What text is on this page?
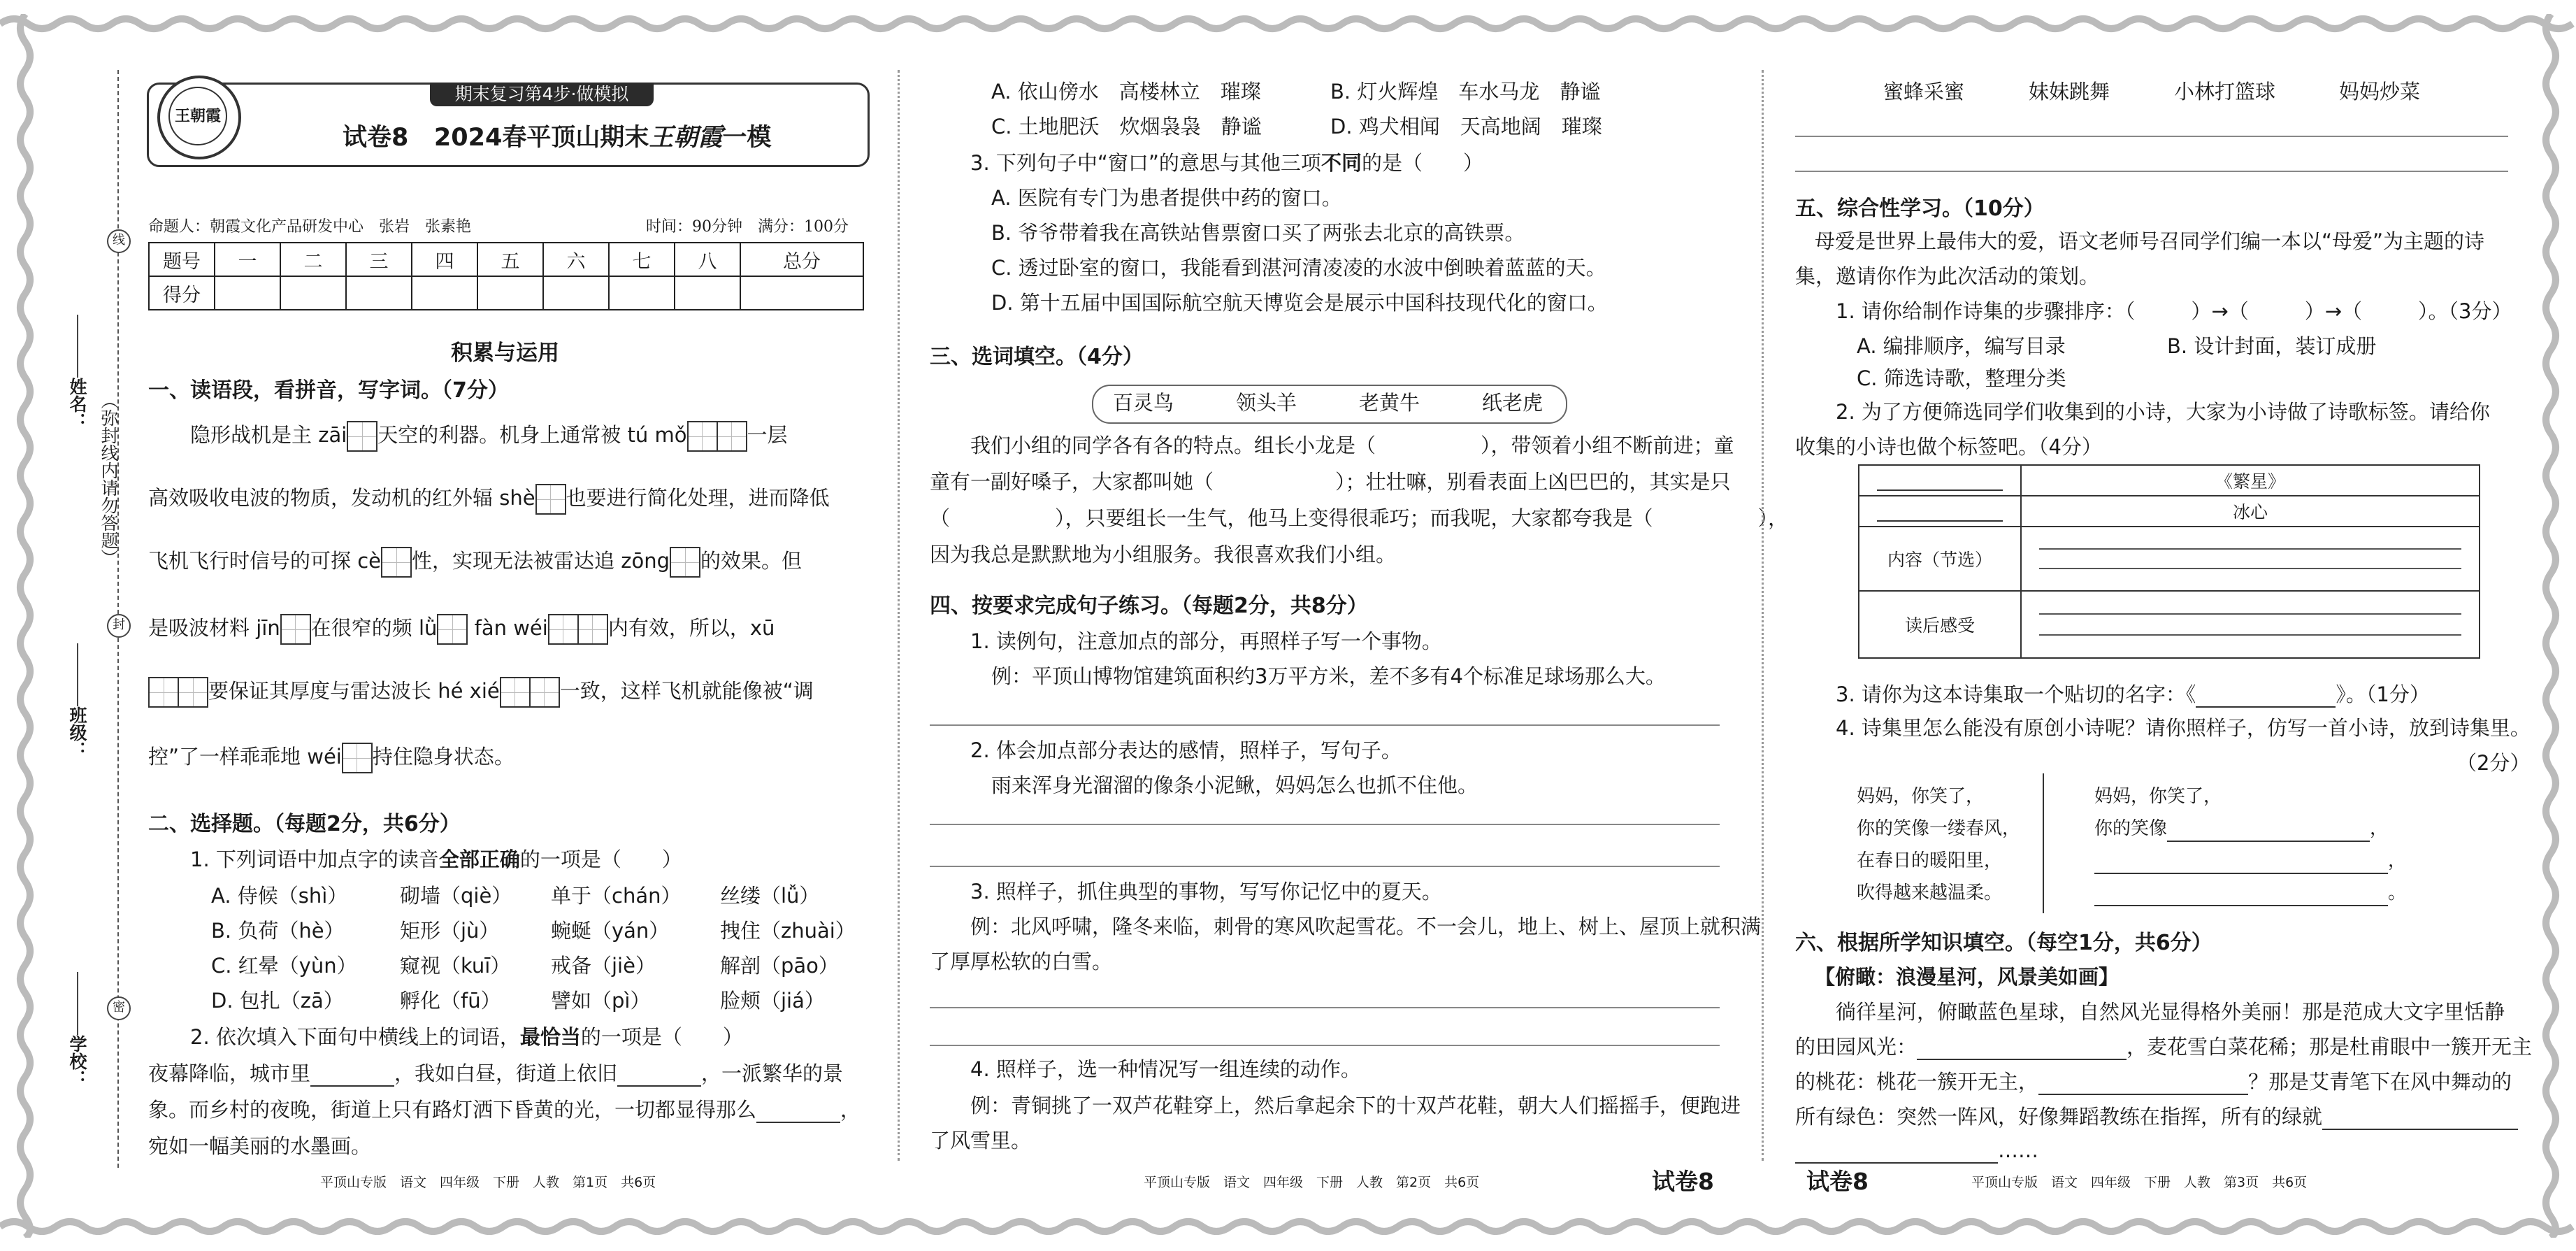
线
封
密
姓名：
班级：
学校：
（弥封线内请勿答题）
期末复习第4步·做模拟
王朝霞
试卷8 2024春平顶山期末王朝霞一模
命题人：朝霞文化产品研发中心　张岩　张素艳	时间：90分钟　满分：100分
题号	一	二	三	四	五	六	七	八	总分
得分									
积累与运用
一、读语段，看拼音，写字词。（7分）
隐形战机是主 zāi 天空的利器。机身上通常被 tú mǒ	一层
高效吸收电波的物质，发动机的红外辐 shè 也要进行简化处理，进而降低
飞机飞行时信号的可探 cè 性，实现无法被雷达追 zōng 的效果。但
是吸波材料 jīn 在很窄的频 lǜ fàn wéi	内有效，所以，xū
要保证其厚度与雷达波长 hé xié	一致，这样飞机就能像被“调
控”了一样乖乖地 wéi 持住隐身状态。
二、选择题。（每题2分，共6分）
1. 下列词语中加点字的读音全部正确的一项是（　　）
A. 侍候（shì）	砌墙（qiè） 单于（chán） 丝缕（lǚ）
B. 负荷（hè）	矩形（jù）	蜿蜒（yán）	拽住（zhuài）
C. 红晕（yùn） 窥视（kuī） 戒备（jiè）	解剖（pāo）
D. 包扎（zā）	孵化（fū） 譬如（pì）	脸颊（jiá）
2. 依次填入下面句中横线上的词语，最恰当的一项是（　　）
夜幕降临，城市里	，我如白昼，街道上依旧	，一派繁华的景
象。而乡村的夜晚，街道上只有路灯洒下昏黄的光，一切都显得那么	，
宛如一幅美丽的水墨画。
平顶山专版　语文　四年级　下册　人教　第1页　共6页
A. 依山傍水　高楼林立　璀璨	B. 灯火辉煌　车水马龙　静谧
C. 土地肥沃　炊烟袅袅　静谧	D. 鸡犬相闻　天高地阔　璀璨
3. 下列句子中“窗口”的意思与其他三项不同的是（　　）
A. 医院有专门为患者提供中药的窗口。
B. 爷爷带着我在高铁站售票窗口买了两张去北京的高铁票。
C. 透过卧室的窗口，我能看到湛河清凌凌的水波中倒映着蓝蓝的天。
D. 第十五届中国国际航空航天博览会是展示中国科技现代化的窗口。
三、选词填空。（4分）
百灵鸟	领头羊	老黄牛	纸老虎
我们小组的同学各有各的特点。组长小龙是（	），带领着小组不断前进；童
童有一副好嗓子，大家都叫她（　　　　　　）；壮壮嘛，别看表面上凶巴巴的，其实是只
（	），只要组长一生气，他马上变得很乖巧；而我呢，大家都夸我是（	），
因为我总是默默地为小组服务。我很喜欢我们小组。
四、按要求完成句子练习。（每题2分，共8分）
1. 读例句，注意加点的部分，再照样子写一个事物。
例：平顶山博物馆建筑面积约3万平方米，差不多有4个标准足球场那么大。
2. 体会加点部分表达的感情，照样子，写句子。
雨来浑身光溜溜的像条小泥鳅，妈妈怎么也抓不住他。
3. 照样子，抓住典型的事物，写写你记忆中的夏天。
例：北风呼啸，隆冬来临，刺骨的寒风吹起雪花。不一会儿，地上、树上、屋顶上就积满
了厚厚松软的白雪。
4. 照样子，选一种情况写一组连续的动作。
例：青铜挑了一双芦花鞋穿上，然后拿起余下的十双芦花鞋，朝大人们摇摇手，便跑进
了风雪里。
平顶山专版　语文　四年级　下册　人教　第2页　共6页	试卷8
蜜蜂采蜜	妹妹跳舞	小林打篮球	妈妈炒菜
五、综合性学习。（10分）
母爱是世界上最伟大的爱，语文老师号召同学们编一本以“母爱”为主题的诗
集，邀请你作为此次活动的策划。
1. 请你给制作诗集的步骤排序：（	）→（	）→（	）。（3分）
A. 编排顺序，编写目录	B. 设计封面，装订成册
C. 筛选诗歌，整理分类
2. 为了方便筛选同学们收集到的小诗，大家为小诗做了诗歌标签。请给你
收集的小诗也做个标签吧。（4分）
	《繁星》
	冰心
内容（节选）	

读后感受	
3. 请你为这本诗集取一个贴切的名字：《	》。（1分）
4. 诗集里怎么能没有原创小诗呢？请你照样子，仿写一首小诗，放到诗集里。
（2分）
妈妈，你笑了，
你的笑像一缕春风，
在春日的暖阳里，
吹得越来越温柔。
妈妈，你笑了，
你的笑像	，
，
。
六、根据所学知识填空。（每空1分，共6分）
【俯瞰：浪漫星河，风景美如画】
徜徉星河，俯瞰蓝色星球，自然风光显得格外美丽！那是范成大文字里恬静
的田园风光：	，麦花雪白菜花稀；那是杜甫眼中一簇开无主
的桃花：桃花一簇开无主，	？那是艾青笔下在风中舞动的
所有绿色：突然一阵风，好像舞蹈教练在指挥，所有的绿就
……
试卷8	平顶山专版　语文　四年级　下册　人教　第3页　共6页
